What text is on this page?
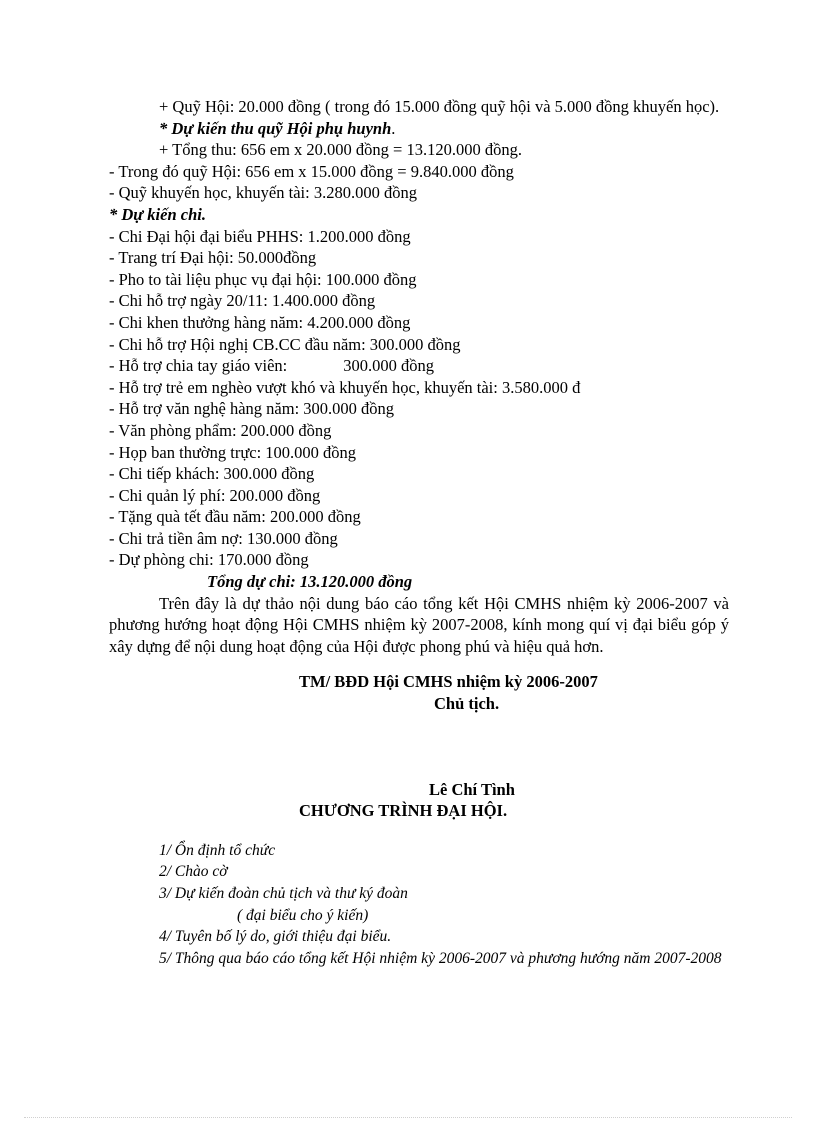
+ Quỹ Hội: 20.000 đồng ( trong đó 15.000 đồng quỹ hội và 5.000 đồng khuyến học).
* Dự kiến thu quỹ Hội phụ huynh.
+ Tổng thu: 656 em x 20.000 đồng = 13.120.000 đồng.
- Trong đó quỹ Hội: 656 em x 15.000 đồng = 9.840.000 đồng
- Quỹ khuyến học, khuyến tài: 3.280.000 đồng
* Dự kiến chi.
- Chi Đại hội đại biểu PHHS: 1.200.000 đồng
- Trang trí Đại hội: 50.000đồng
- Pho to tài liệu phục vụ đại hội: 100.000 đồng
- Chi hỗ trợ ngày 20/11: 1.400.000 đồng
- Chi khen thưởng hàng năm: 4.200.000 đồng
- Chi hỗ trợ Hội nghị CB.CC đầu năm: 300.000 đồng
- Hỗ trợ chia tay giáo viên:	300.000 đồng
- Hỗ trợ trẻ em nghèo vượt khó và khuyến học, khuyến tài: 3.580.000 đ
- Hỗ trợ văn nghệ hàng năm: 300.000 đồng
- Văn phòng phẩm: 200.000 đồng
- Họp ban thường trực: 100.000 đồng
- Chi tiếp khách: 300.000 đồng
- Chi quản lý phí: 200.000 đồng
- Tặng quà tết đầu năm: 200.000 đồng
- Chi trả tiền âm nợ: 130.000 đồng
- Dự phòng chi: 170.000 đồng
Tổng dự chi: 13.120.000 đồng
Trên đây là dự thảo nội dung báo cáo tổng kết Hội CMHS nhiệm kỳ 2006-2007 và phương hướng hoạt động Hội CMHS nhiệm kỳ 2007-2008, kính mong quí vị đại biểu góp ý xây dựng để nội dung hoạt động của Hội được phong phú và hiệu quả hơn.
TM/ BĐD Hội CMHS nhiệm kỳ 2006-2007
Chủ tịch.
Lê Chí Tình
CHƯƠNG TRÌNH ĐẠI HỘI.
1/ Ổn định tổ chức
2/ Chào cờ
3/ Dự kiến đoàn chủ tịch và thư ký đoàn
( đại biểu cho ý kiến)
4/ Tuyên bố lý do, giới thiệu đại biểu.
5/ Thông qua báo cáo tổng kết Hội nhiệm kỳ 2006-2007 và phương hướng năm 2007-2008
